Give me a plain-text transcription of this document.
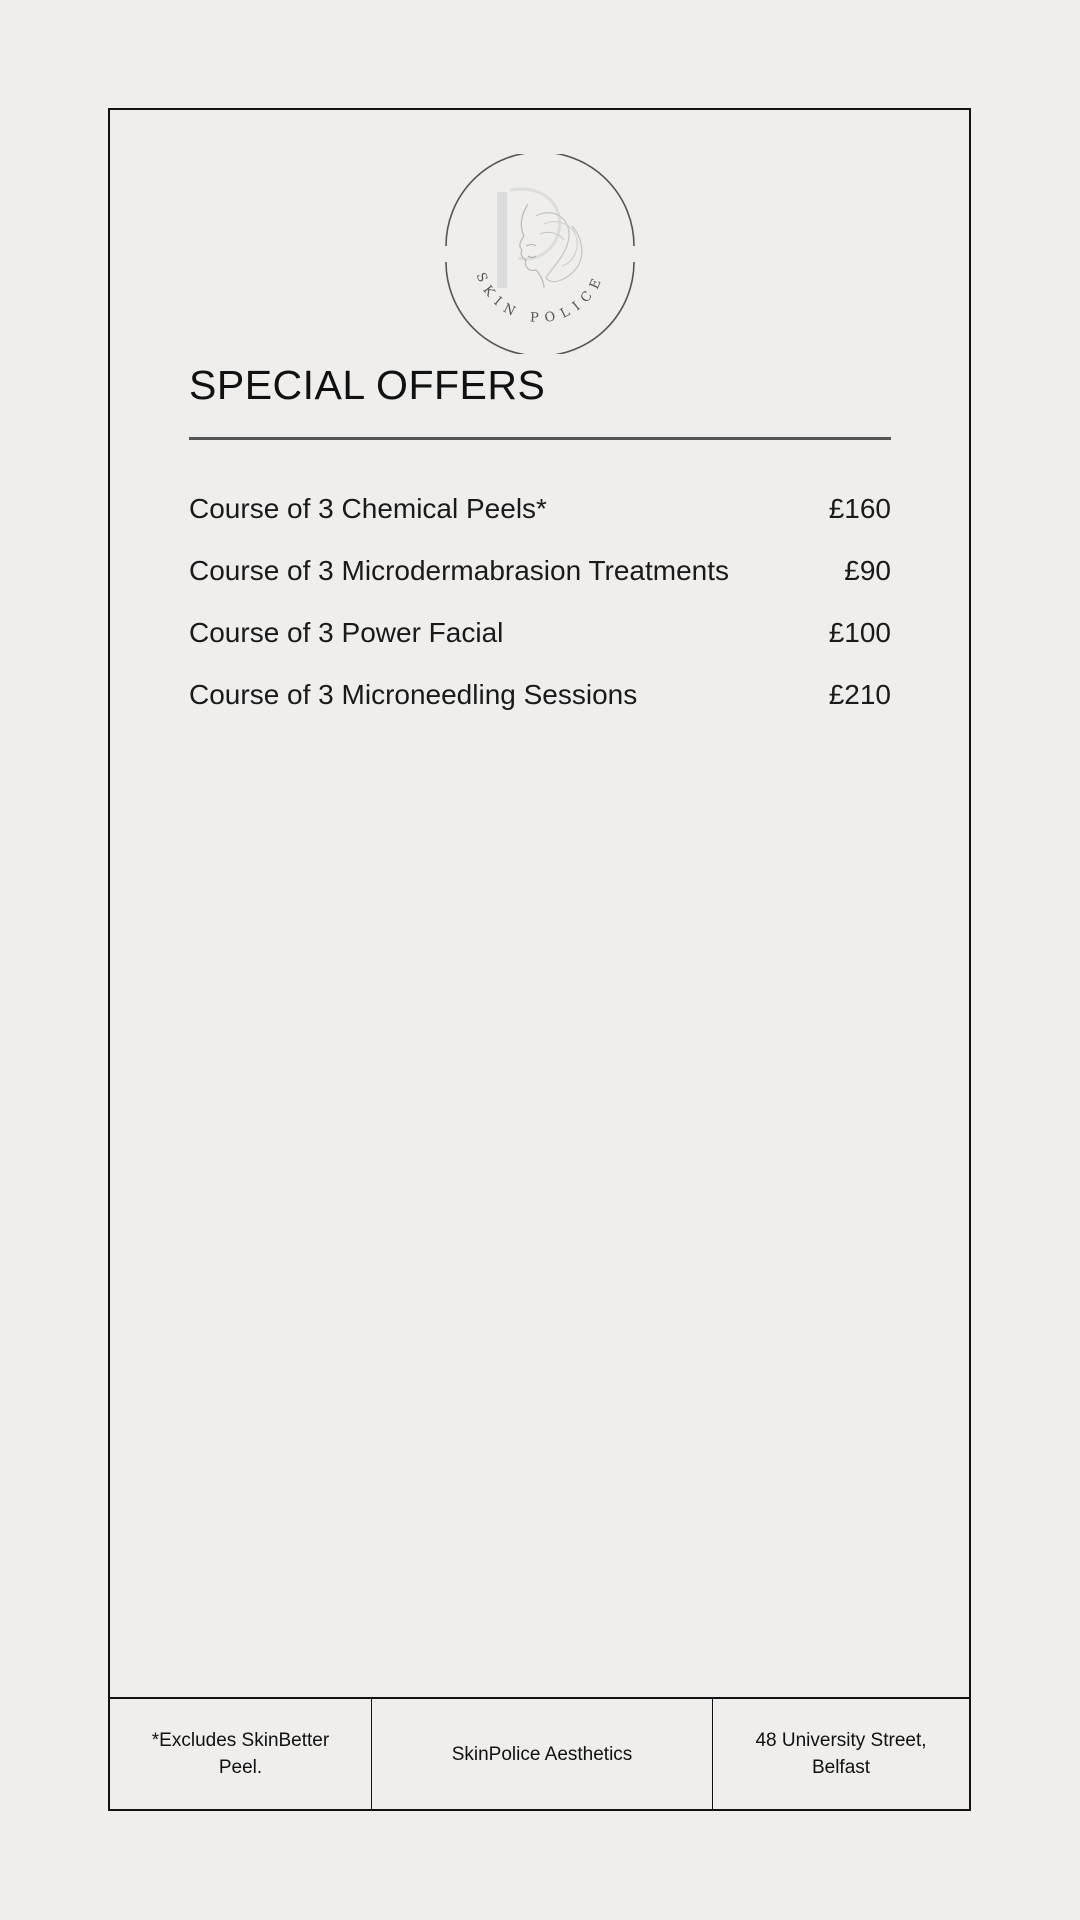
SKIN POLICE
SPECIAL OFFERS
Course of 3 Chemical Peels*	£160
Course of 3 Microdermabrasion Treatments	£90
Course of 3 Power Facial	£100
Course of 3 Microneedling Sessions	£210
*Excludes SkinBetter Peel.
SkinPolice Aesthetics
48 University Street, Belfast
